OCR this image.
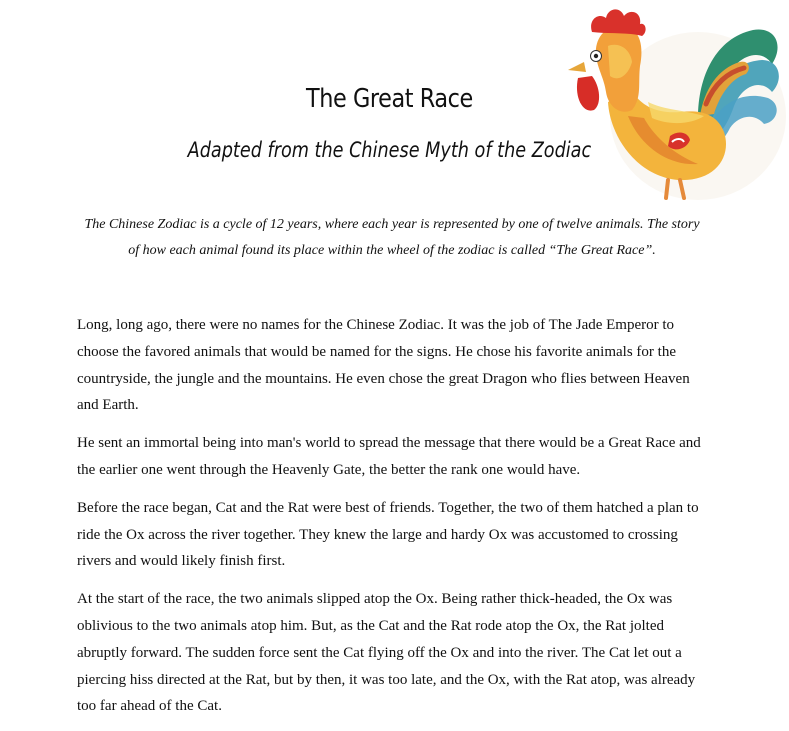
The Great Race
Adapted from the Chinese Myth of the Zodiac
The Chinese Zodiac is a cycle of 12 years, where each year is represented by one of twelve animals. The story of how each animal found its place within the wheel of the zodiac is called “The Great Race”.

Long, long ago, there were no names for the Chinese Zodiac. It was the job of The Jade Emperor to choose the favored animals that would be named for the signs. He chose his favorite animals for the countryside, the jungle and the mountains. He even chose the great Dragon who flies between Heaven and Earth.

He sent an immortal being into man's world to spread the message that there would be a Great Race and the earlier one went through the Heavenly Gate, the better the rank one would have.

Before the race began, Cat and the Rat were best of friends. Together, the two of them hatched a plan to ride the Ox across the river together. They knew the large and hardy Ox was accustomed to crossing rivers and would likely finish first.

At the start of the race, the two animals slipped atop the Ox. Being rather thick-headed, the Ox was oblivious to the two animals atop him. But, as the Cat and the Rat rode atop the Ox, the Rat jolted abruptly forward. The sudden force sent the Cat flying off the Ox and into the river. The Cat let out a piercing hiss directed at the Rat, but by then, it was too late, and the Ox, with the Rat atop, was already too far ahead of the Cat.
